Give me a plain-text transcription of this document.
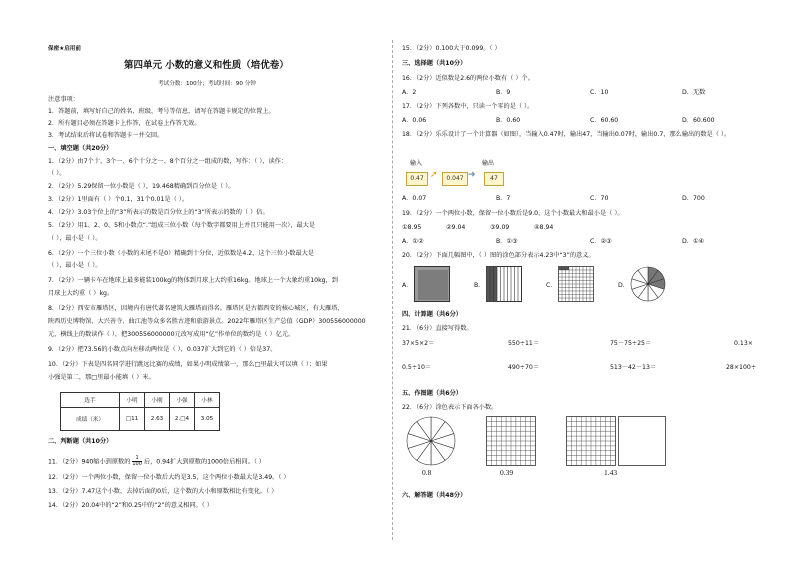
保密★启用前
第四单元 小数的意义和性质（培优卷）
考试分数：100分；考试时间：90 分钟
注意事项：
1．答题前，填写好自己的姓名、班级、考号等信息，请写在答题卡规定的位置上。
2．所有题目必须在答题卡上作答，在试卷上作答无效。
3．考试结束后将试卷和答题卡一并交回。
一、填空题（共20分）
1．（2分）由7个十、3个一、6个十分之一、8个百分之一组成的数，写作：（ ），读作：
（ ）。
2．（2分）5.29保留一位小数是（ ），19.468精确到百分位是（ ）。
3．（2分）1里面有（ ）个0.1，31个0.01是（ ）。
4．（2分）3.03个位上的“3”所表示的数是百分位上的“3”所表示的数的（ ）倍。
5．（2分）用1、2、0、5和小数点“.”组成三位小数（每个数字都要用上并且只能用一次），最大是
（ ），最小是（ ）。
6．（2分）一个三位小数（小数的末尾不是0）精确到十分位，近似数是4.2，这个三位小数最大是
（ ），最小是（ ）。
7．（2分）一辆卡车在地球上最多能装100kg的物体到月球上大约重16kg。地球上一个大象约重10kg，到
月球上大约重（ ）kg。
8．（2分）西安市雁塔区，因境内有唐代著名建筑大雁塔而得名。雁塔区是古都西安的核心城区，有大雁塔、
陕西历史博物馆、大兴善寺、曲江池等众多名胜古迹和旅游景点。2022年雁塔区生产总值（GDP）300556000000
元，横线上的数读作（ ），把300556000000元改写成用“亿”作单位的数约是（ ）亿元。
9．（2分）把73.56的小数点向左移动两位是（ ），0.037扩大到它的（ ）倍是37。
10．（2分）下表是四名同学进行跳远比赛的成绩，如果小明成绩第一，那么□里最大可以填（ ）；如果
小强是第二，那□里最小能填（ ）米。
选手	小明	小刚	小强	小林
成绩（米）	□11	2.63	2.□4	3.05
二、判断题（共10分）
11．（2分）940缩小到原数的 $\frac{1}{100}$ 后，0.94扩大到原数的1000倍后相同。（ ）
12．（2分）一个两位小数，保留一位小数后大约是3.5，这个两位小数最大是3.49。（ ）
13．（2分）7.47这个小数，去掉后面的0后，这个数的大小和原数相比有变化。（ ）
14．（2分）20.04中的“2”和0.25中的“2”的意义相同。（ ）
15．（2分）0.100大于0.099。（ ）
三、选择题（共10分）
16．（2分）近似数是2.6的两位小数有（ ）个。
A．2	B．9	C．10	D．无数
17．（2分）下列各数中，只读一个零的是（ ）。
A．0.06	B．0.60	C．60.60	D．60.600
18．（2分）乐乐设计了一个计算器（如图），当输入0.47时，输出47，当输出0.07时，输出0.7，那么输出的数是（ ）。
输入	输出
0.47 ➚	0.047 ➜	47
A．0.07	B．7	C．70	D．700
19．（2分）一个两位小数，保留一位小数后是9.0，这个小数最大和最小是（ ）。
①8.95	②9.04	③9.09	④8.94
A．①②	B．①③	C．②③	D．①④
20．（2分）下面几幅图中，（ ）图的涂色部分表示4.23中“3”的意义。
A．	B．	C．	D．
四、计算题（共6分）
21．（6分）直接写得数。
37×5×2＝	550÷11＝	75－75÷25＝	0.13×
0.5÷10＝	490÷70＝	513－42－13＝	28×100÷
五、作图题（共6分）
22．（6分）涂色表示下面各小数。
0.8	0.39	1.43
六、解答题（共48分）
